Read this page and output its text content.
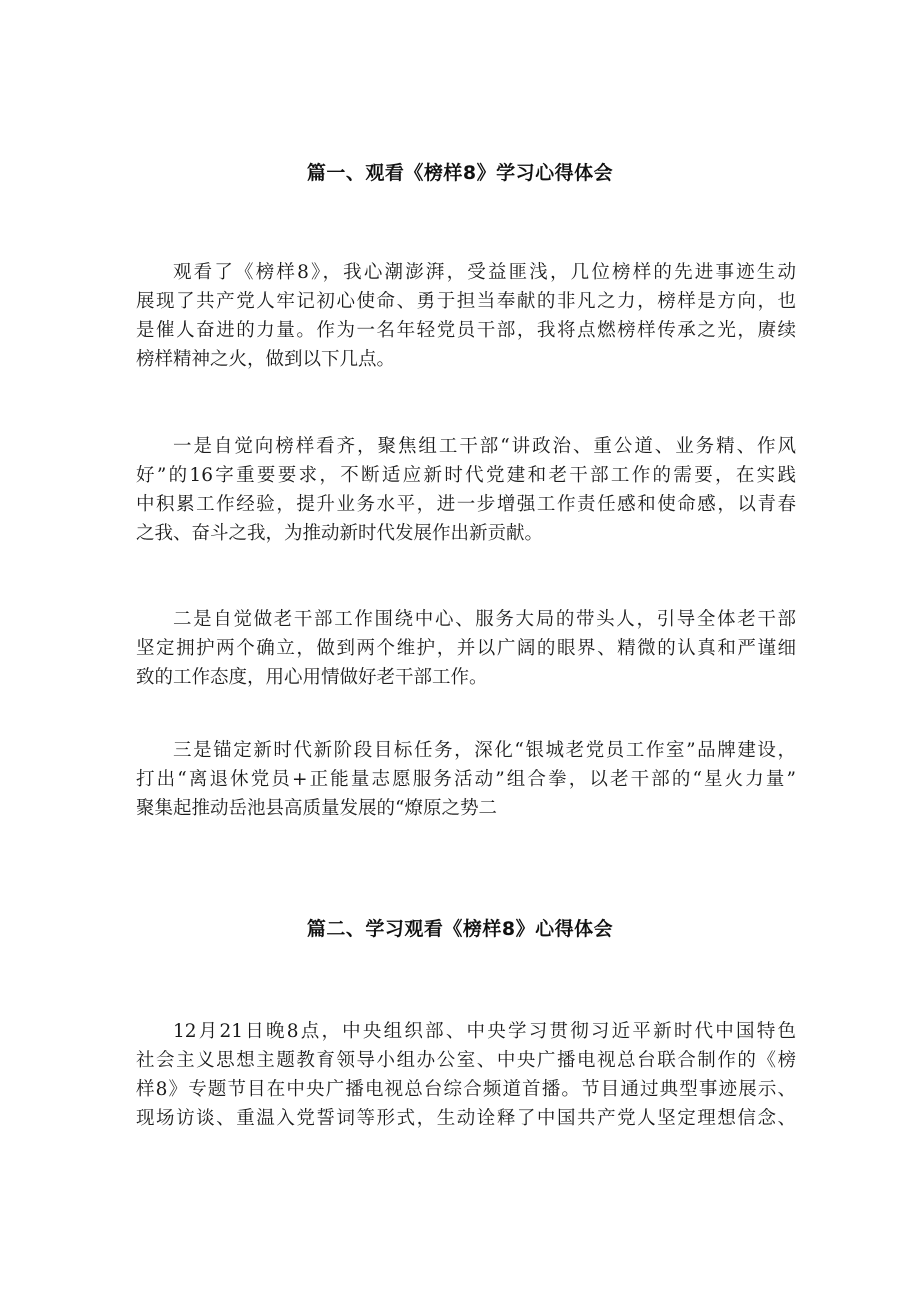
篇一、观看《榜样8》学习心得体会

观看了《榜样8》，我心潮澎湃，受益匪浅，几位榜样的先进事迹生动
展现了共产党人牢记初心使命、勇于担当奉献的非凡之力，榜样是方向，也
是催人奋进的力量。作为一名年轻党员干部，我将点燃榜样传承之光，赓续
榜样精神之火，做到以下几点。

一是自觉向榜样看齐，聚焦组工干部“讲政治、重公道、业务精、作风
好”的16字重要要求，不断适应新时代党建和老干部工作的需要，在实践
中积累工作经验，提升业务水平，进一步增强工作责任感和使命感，以青春
之我、奋斗之我，为推动新时代发展作出新贡献。

二是自觉做老干部工作围绕中心、服务大局的带头人，引导全体老干部
坚定拥护两个确立，做到两个维护，并以广阔的眼界、精微的认真和严谨细
致的工作态度，用心用情做好老干部工作。

三是锚定新时代新阶段目标任务，深化“银城老党员工作室”品牌建设，
打出“离退休党员+正能量志愿服务活动”组合拳，以老干部的“星火力量”
聚集起推动岳池县高质量发展的“燎原之势二

篇二、学习观看《榜样8》心得体会

12月21日晚8点，中央组织部、中央学习贯彻习近平新时代中国特色
社会主义思想主题教育领导小组办公室、中央广播电视总台联合制作的《榜
样8》专题节目在中央广播电视总台综合频道首播。节目通过典型事迹展示、
现场访谈、重温入党誓词等形式，生动诠释了中国共产党人坚定理想信念、
